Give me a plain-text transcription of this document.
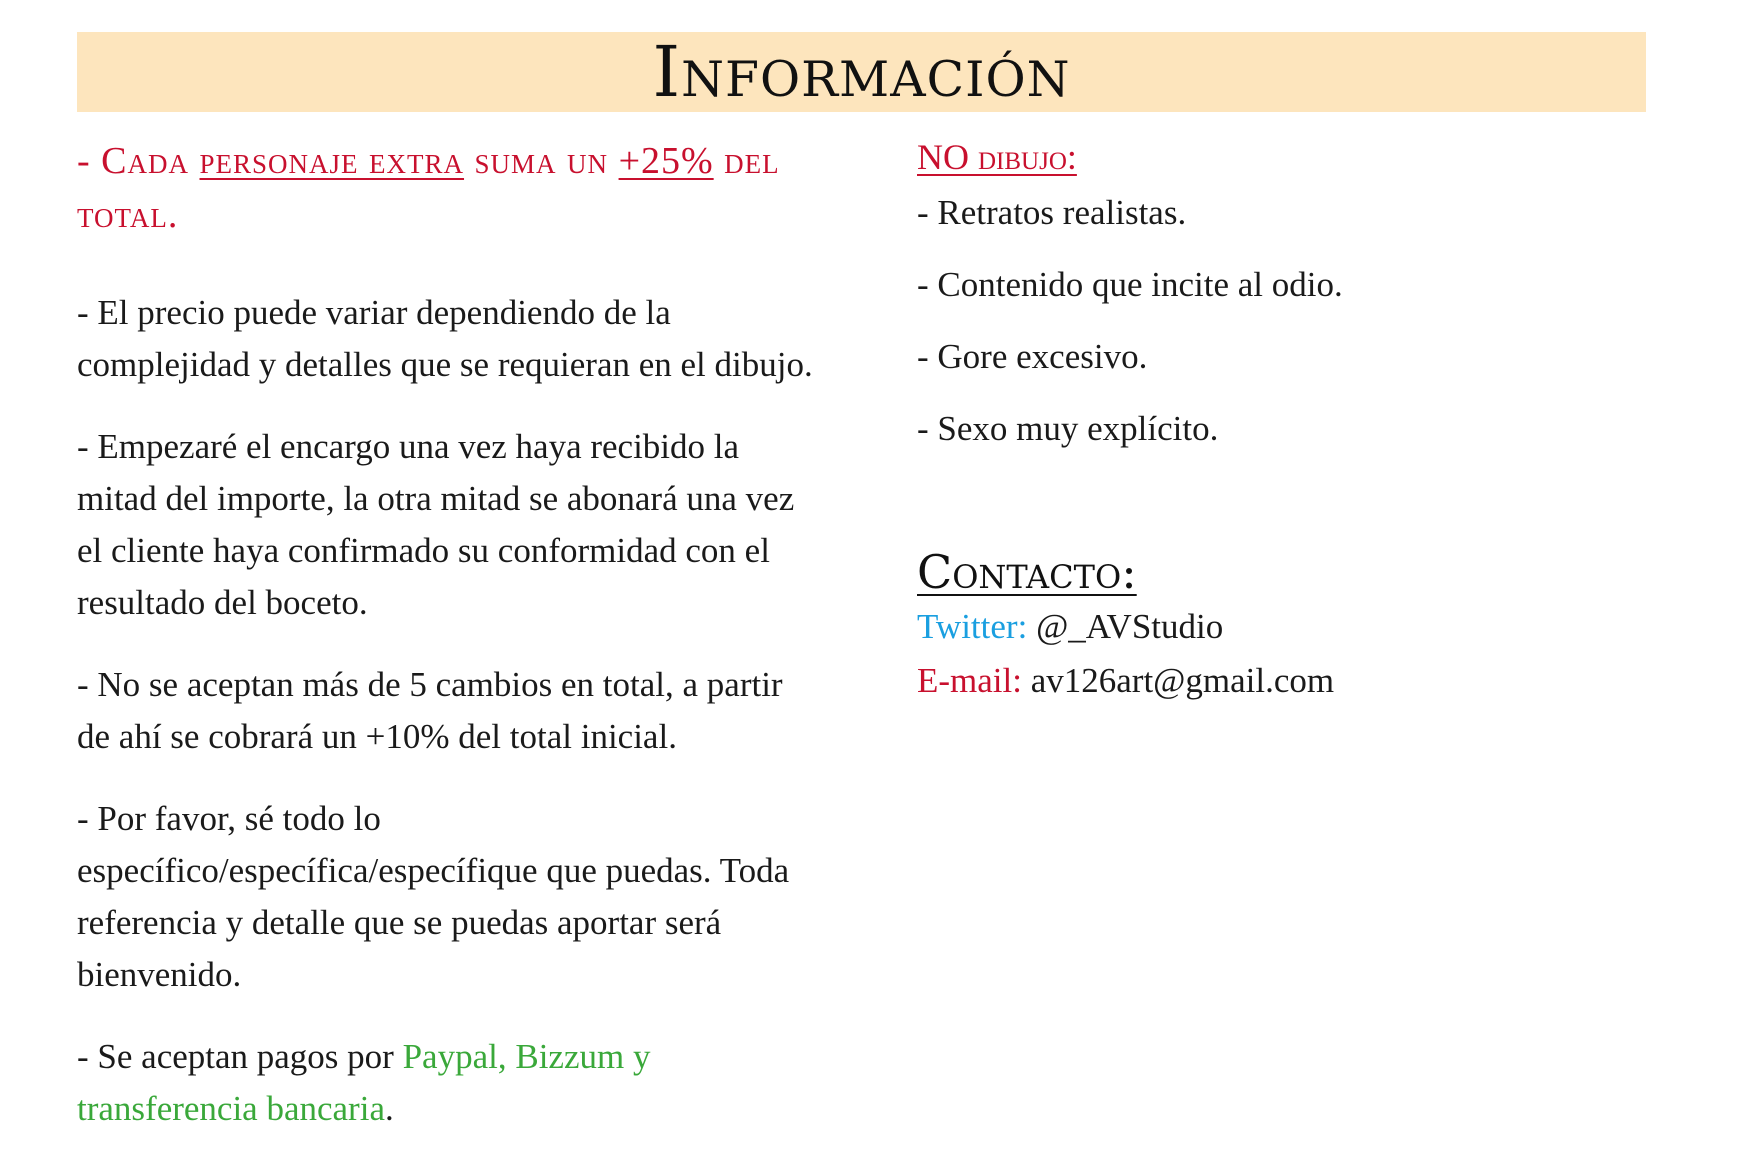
Información

- Cada personaje extra suma un +25% del total.

- El precio puede variar dependiendo de la complejidad y detalles que se requieran en el dibujo.

- Empezaré el encargo una vez haya recibido la mitad del importe, la otra mitad se abonará una vez el cliente haya confirmado su conformidad con el resultado del boceto.

- No se aceptan más de 5 cambios en total, a partir de ahí se cobrará un +10% del total inicial.

- Por favor, sé todo lo específico/específica/específique que puedas. Toda referencia y detalle que se puedas aportar será bienvenido.

- Se aceptan pagos por Paypal, Bizzum y transferencia bancaria.

NO dibujo:

- Retratos realistas.

- Contenido que incite al odio.

- Gore excesivo.

- Sexo muy explícito.

Contacto:

Twitter: @_AVStudio

E-mail: av126art@gmail.com
